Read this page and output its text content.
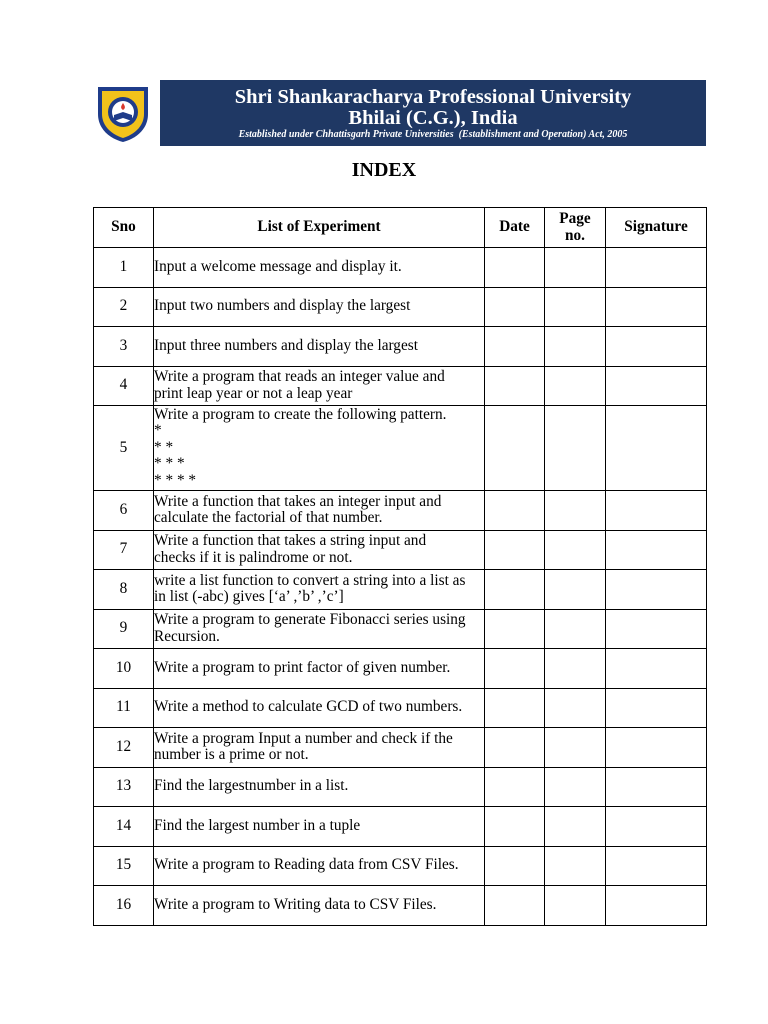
Shri Shankaracharya Professional University
Bhilai (C.G.), India
Established under Chhattisgarh Private Universities  (Establishment and Operation) Act, 2005
INDEX
Sno	List of Experiment	Date	Page no.	Signature
1	Input a welcome message and display it.			

2	Input two numbers and display the largest			

3	Input three numbers and display the largest			

4	Write a program that reads an integer value and
print leap year or not a leap year			

5	Write a program to create the following pattern.
*
* *
* * *
* * * *			

6	Write a function that takes an integer input and
calculate the factorial of that number.			

7	Write a function that takes a string input and
checks if it is palindrome or not.			

8	write a list function to convert a string into a list as
in list (-abc) gives [‘a’ ,’b’ ,’c’]			

9	Write a program to generate Fibonacci series using
Recursion.			

10	Write a program to print factor of given number.			

11	Write a method to calculate GCD of two numbers.			

12	Write a program Input a number and check if the
number is a prime or not.			

13	Find the largestnumber in a list.			

14	Find the largest number in a tuple			

15	Write a program to Reading data from CSV Files.			

16	Write a program to Writing data to CSV Files.			
